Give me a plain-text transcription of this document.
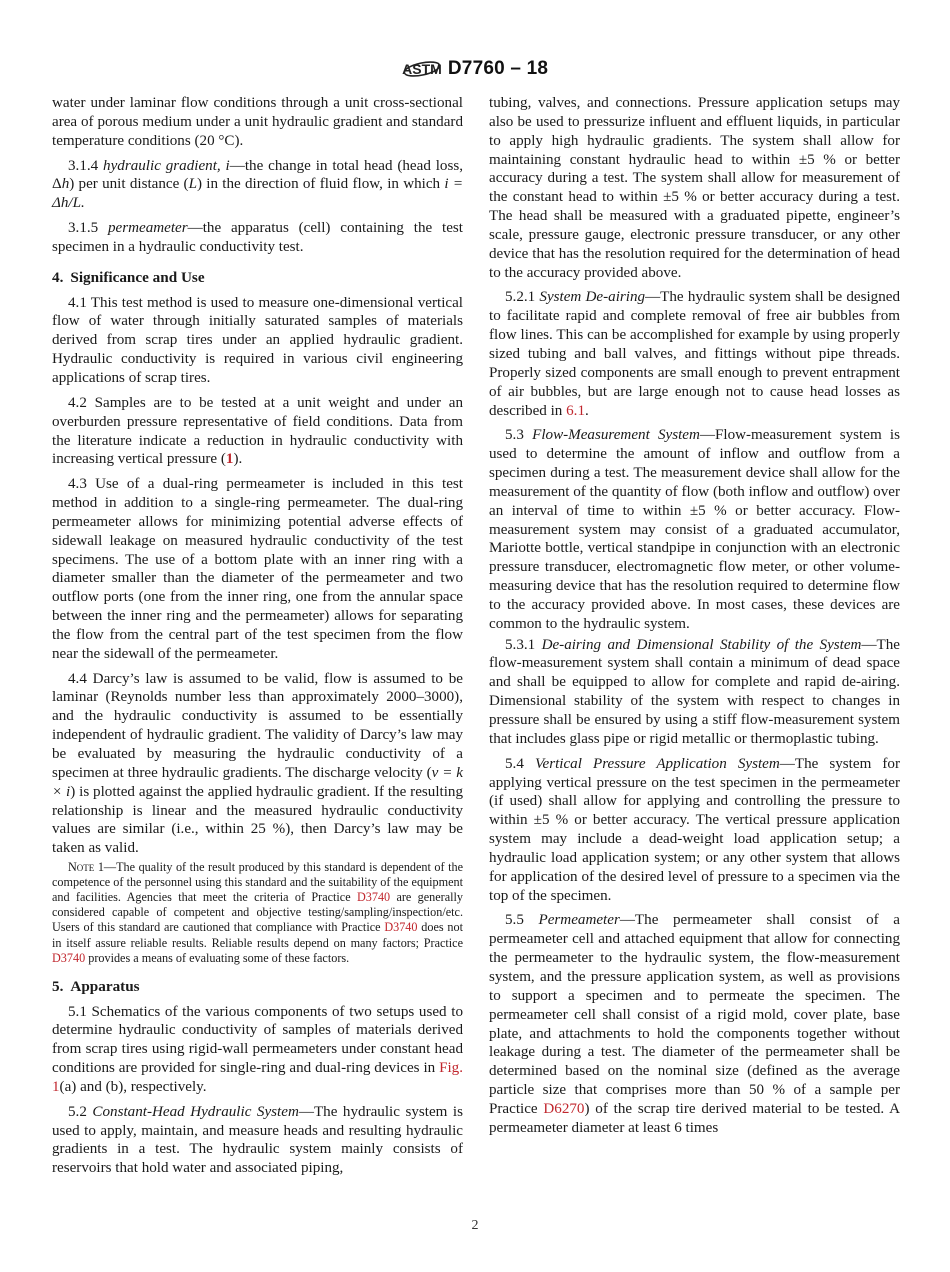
ASTM D7760 – 18

water under laminar flow conditions through a unit cross-sectional area of porous medium under a unit hydraulic gradient and standard temperature conditions (20 °C).

3.1.4 hydraulic gradient, i—the change in total head (head loss, Δh) per unit distance (L) in the direction of fluid flow, in which i = Δh/L.

3.1.5 permeameter—the apparatus (cell) containing the test specimen in a hydraulic conductivity test.

4. Significance and Use

4.1 This test method is used to measure one-dimensional vertical flow of water through initially saturated samples of materials derived from scrap tires under an applied hydraulic gradient. Hydraulic conductivity is required in various civil engineering applications of scrap tires.

4.2 Samples are to be tested at a unit weight and under an overburden pressure representative of field conditions. Data from the literature indicate a reduction in hydraulic conductivity with increasing vertical pressure (1).

4.3 Use of a dual-ring permeameter is included in this test method in addition to a single-ring permeameter. The dual-ring permeameter allows for minimizing potential adverse effects of sidewall leakage on measured hydraulic conductivity of the test specimens. The use of a bottom plate with an inner ring with a diameter smaller than the diameter of the permeameter and two outflow ports (one from the inner ring, one from the annular space between the inner ring and the permeameter) allows for separating the flow from the central part of the test specimen from the flow near the sidewall of the permeameter.

4.4 Darcy’s law is assumed to be valid, flow is assumed to be laminar (Reynolds number less than approximately 2000–3000), and the hydraulic conductivity is assumed to be essentially independent of hydraulic gradient. The validity of Darcy’s law may be evaluated by measuring the hydraulic conductivity of a specimen at three hydraulic gradients. The discharge velocity (v = k × i) is plotted against the applied hydraulic gradient. If the resulting relationship is linear and the measured hydraulic conductivity values are similar (i.e., within 25 %), then Darcy’s law may be taken as valid.

Note 1—The quality of the result produced by this standard is dependent of the competence of the personnel using this standard and the suitability of the equipment and facilities. Agencies that meet the criteria of Practice D3740 are generally considered capable of competent and objective testing/sampling/inspection/etc. Users of this standard are cautioned that compliance with Practice D3740 does not in itself assure reliable results. Reliable results depend on many factors; Practice D3740 provides a means of evaluating some of these factors.

5. Apparatus

5.1 Schematics of the various components of two setups used to determine hydraulic conductivity of samples of materials derived from scrap tires using rigid-wall permeameters under constant head conditions are provided for single-ring and dual-ring devices in Fig. 1(a) and (b), respectively.

5.2 Constant-Head Hydraulic System—The hydraulic system is used to apply, maintain, and measure heads and resulting hydraulic gradients in a test. The hydraulic system mainly consists of reservoirs that hold water and associated piping,

tubing, valves, and connections. Pressure application setups may also be used to pressurize influent and effluent liquids, in particular to apply high hydraulic gradients. The system shall allow for maintaining constant hydraulic head to within ±5 % or better accuracy during a test. The system shall allow for measurement of the constant head to within ±5 % or better accuracy during a test. The head shall be measured with a graduated pipette, engineer’s scale, pressure gauge, electronic pressure transducer, or any other device that has the resolution required for the determination of head to the accuracy provided above.

5.2.1 System De-airing—The hydraulic system shall be designed to facilitate rapid and complete removal of free air bubbles from flow lines. This can be accomplished for example by using properly sized tubing and ball valves, and fittings without pipe threads. Properly sized components are small enough to prevent entrapment of air bubbles, but are large enough not to cause head losses as described in 6.1.

5.3 Flow-Measurement System—Flow-measurement system is used to determine the amount of inflow and outflow from a specimen during a test. The measurement device shall allow for the measurement of the quantity of flow (both inflow and outflow) over an interval of time to within ±5 % or better accuracy. Flow-measurement system may consist of a graduated accumulator, Mariotte bottle, vertical standpipe in conjunction with an electronic pressure transducer, electromagnetic flow meter, or other volume-measuring device that has the resolution required to determine flow to the accuracy provided above. In most cases, these devices are common to the hydraulic system.

5.3.1 De-airing and Dimensional Stability of the System—The flow-measurement system shall contain a minimum of dead space and shall be equipped to allow for complete and rapid de-airing. Dimensional stability of the system with respect to changes in pressure shall be ensured by using a stiff flow-measurement system that includes glass pipe or rigid metallic or thermoplastic tubing.

5.4 Vertical Pressure Application System—The system for applying vertical pressure on the test specimen in the permeameter (if used) shall allow for applying and controlling the pressure to within ±5 % or better accuracy. The vertical pressure application system may include a dead-weight load application setup; a hydraulic load application system; or any other system that allows for application of the desired level of pressure to a specimen via the top of the specimen.

5.5 Permeameter—The permeameter shall consist of a permeameter cell and attached equipment that allow for connecting the permeameter to the hydraulic system, the flow-measurement system, and the pressure application system, as well as provisions to support a specimen and to permeate the specimen. The permeameter cell shall consist of a rigid mold, cover plate, base plate, and attachments to hold the components together without leakage during a test. The diameter of the permeameter shall be determined based on the nominal size (defined as the average particle size that comprises more than 50 % of a sample per Practice D6270) of the scrap tire derived material to be tested. A permeameter diameter at least 6 times

2
